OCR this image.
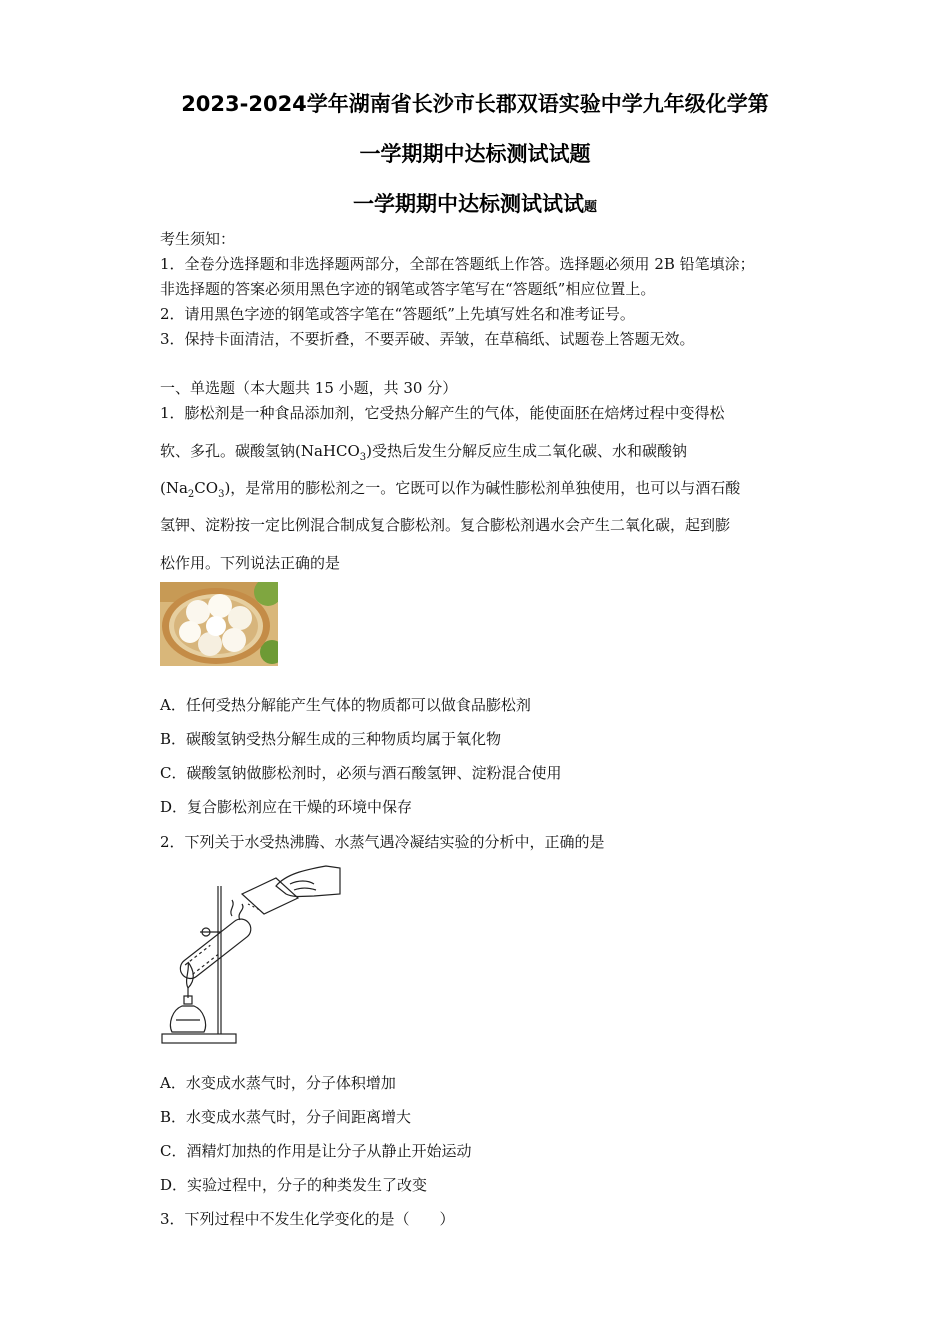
2023-2024学年湖南省长沙市长郡双语实验中学九年级化学第
一学期期中达标测试试题
一学期期中达标测试试试题
考生须知：
1．全卷分选择题和非选择题两部分，全部在答题纸上作答。选择题必须用 2B 铅笔填涂；
非选择题的答案必须用黑色字迹的钢笔或答字笔写在“答题纸”相应位置上。
2．请用黑色字迹的钢笔或答字笔在“答题纸”上先填写姓名和准考证号。
3．保持卡面清洁，不要折叠，不要弄破、弄皱，在草稿纸、试题卷上答题无效。
一、单选题（本大题共 15 小题，共 30 分）
1．膨松剂是一种食品添加剂，它受热分解产生的气体，能使面胚在焙烤过程中变得松
软、多孔。碳酸氢钠(NaHCO$_3$)受热后发生分解反应生成二氧化碳、水和碳酸钠
$(Na_2CO_3)$，是常用的膨松剂之一。它既可以作为碱性膨松剂单独使用，也可以与酒石酸
氢钾、淀粉按一定比例混合制成复合膨松剂。复合膨松剂遇水会产生二氧化碳，起到膨
松作用。下列说法正确的是
A．任何受热分解能产生气体的物质都可以做食品膨松剂
B．碳酸氢钠受热分解生成的三种物质均属于氧化物
C．碳酸氢钠做膨松剂时，必须与酒石酸氢钾、淀粉混合使用
D．复合膨松剂应在干燥的环境中保存
2．下列关于水受热沸腾、水蒸气遇冷凝结实验的分析中，正确的是
A．水变成水蒸气时，分子体积增加
B．水变成水蒸气时，分子间距离增大
C．酒精灯加热的作用是让分子从静止开始运动
D．实验过程中，分子的种类发生了改变
3．下列过程中不发生化学变化的是（　　）
